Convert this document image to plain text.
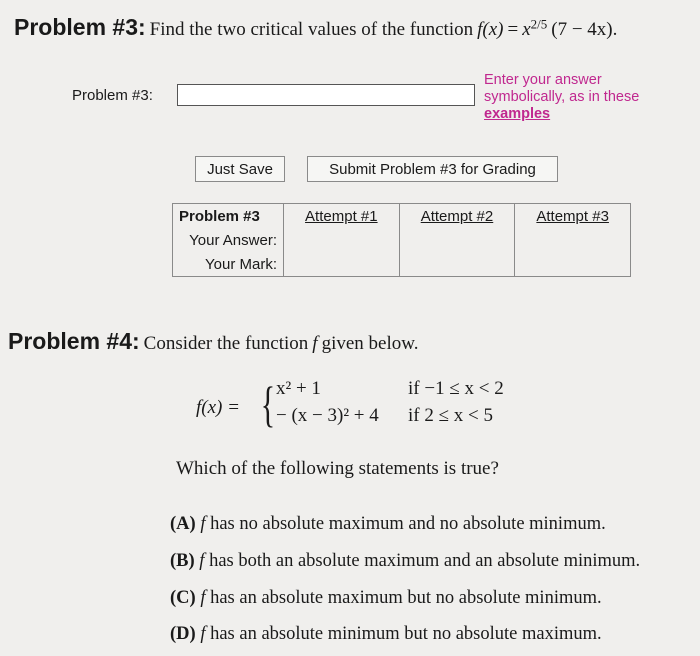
Problem #3: Find the two critical values of the function $f(x) = x^{2/5}$ (7 − 4x).
Problem #3:
Enter your answer
symbolically, as in these
examples
Just Save	Submit Problem #3 for Grading
Problem #3	Attempt #1	Attempt #2	Attempt #3
Your Answer:			
Your Mark:			
Problem #4: Consider the function f given below.
f(x) = { x² + 1	if −1 ≤ x < 2
− (x − 3)² + 4 if 2 ≤ x < 5
Which of the following statements is true?
(A) f has no absolute maximum and no absolute minimum.
(B) f has both an absolute maximum and an absolute minimum.
(C) f has an absolute maximum but no absolute minimum.
(D) f has an absolute minimum but no absolute maximum.
